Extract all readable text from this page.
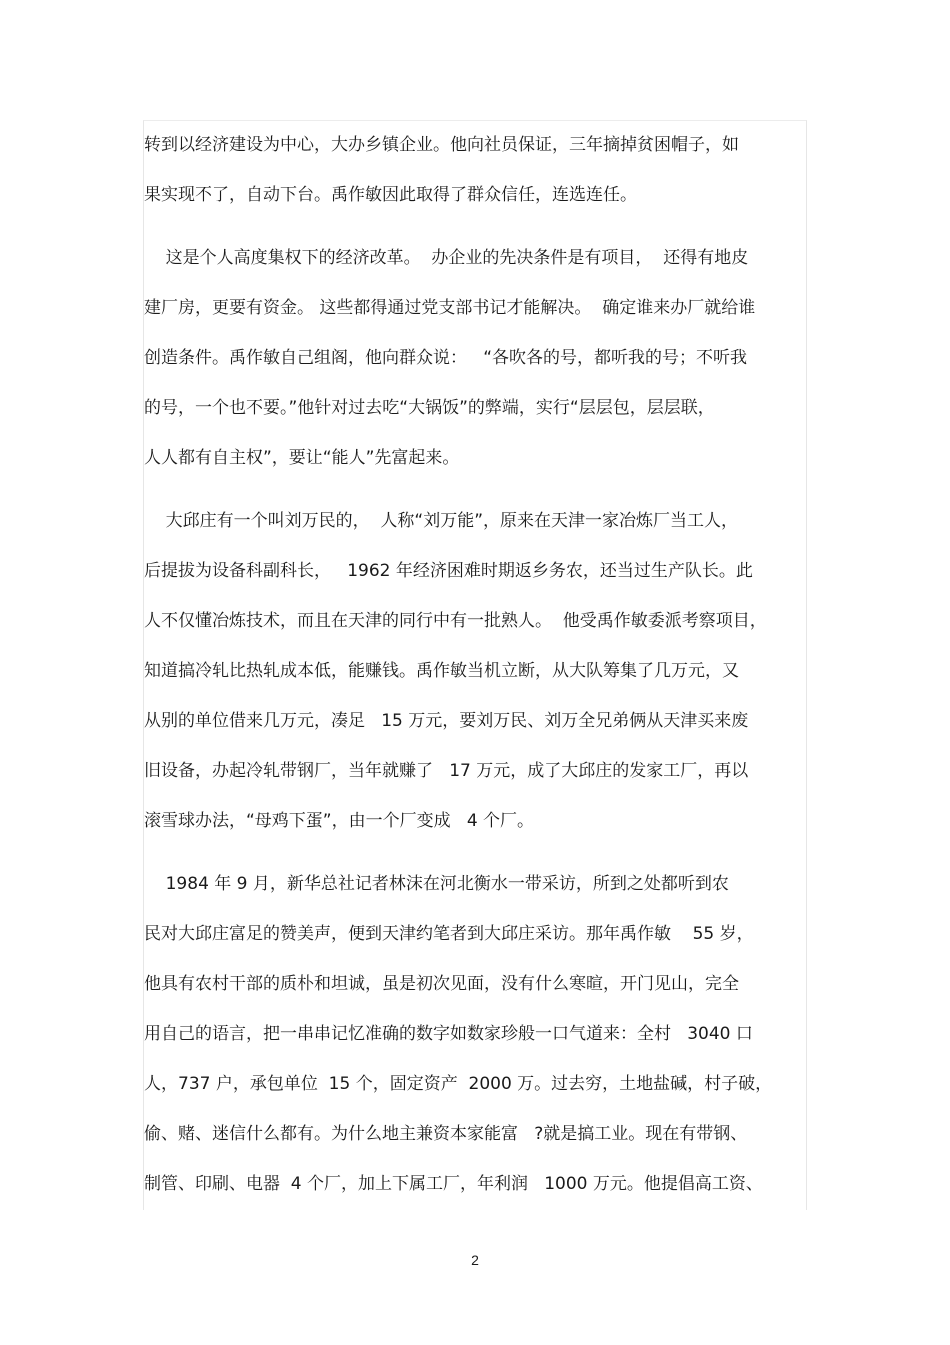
转到以经济建设为中心，大办乡镇企业。他向社员保证，三年摘掉贫困帽子，如
果实现不了，自动下台。禹作敏因此取得了群众信任，连选连任。
这是个人高度集权下的经济改革。  办企业的先决条件是有项目，  还得有地皮
建厂房，更要有资金。 这些都得通过党支部书记才能解决。  确定谁来办厂就给谁
创造条件。禹作敏自己组阁，他向群众说：   “各吹各的号，都听我的号；不听我
的号，一个也不要。”他针对过去吃“大锅饭”的弊端，实行“层层包，层层联，
人人都有自主权”，要让“能人”先富起来。
大邱庄有一个叫刘万民的，  人称“刘万能”，原来在天津一家冶炼厂当工人，
后提拔为设备科副科长，   1962 年经济困难时期返乡务农，还当过生产队长。此
人不仅懂冶炼技术，而且在天津的同行中有一批熟人。  他受禹作敏委派考察项目，
知道搞冷轧比热轧成本低，能赚钱。禹作敏当机立断，从大队筹集了几万元，又
从别的单位借来几万元，凑足   15 万元，要刘万民、刘万全兄弟俩从天津买来废
旧设备，办起冷轧带钢厂，当年就赚了   17 万元，成了大邱庄的发家工厂，再以
滚雪球办法，“母鸡下蛋”，由一个厂变成   4 个厂。
1984 年 9 月，新华总社记者林沫在河北衡水一带采访，所到之处都听到农
民对大邱庄富足的赞美声，便到天津约笔者到大邱庄采访。那年禹作敏    55 岁，
他具有农村干部的质朴和坦诚，虽是初次见面，没有什么寒暄，开门见山，完全
用自己的语言，把一串串记忆准确的数字如数家珍般一口气道来：全村   3040 口
人，737 户，承包单位  15 个，固定资产  2000 万。过去穷，土地盐碱，村子破，
偷、赌、迷信什么都有。为什么地主兼资本家能富   ?就是搞工业。现在有带钢、
制管、印刷、电器  4 个厂，加上下属工厂，年利润   1000 万元。他提倡高工资、
2
